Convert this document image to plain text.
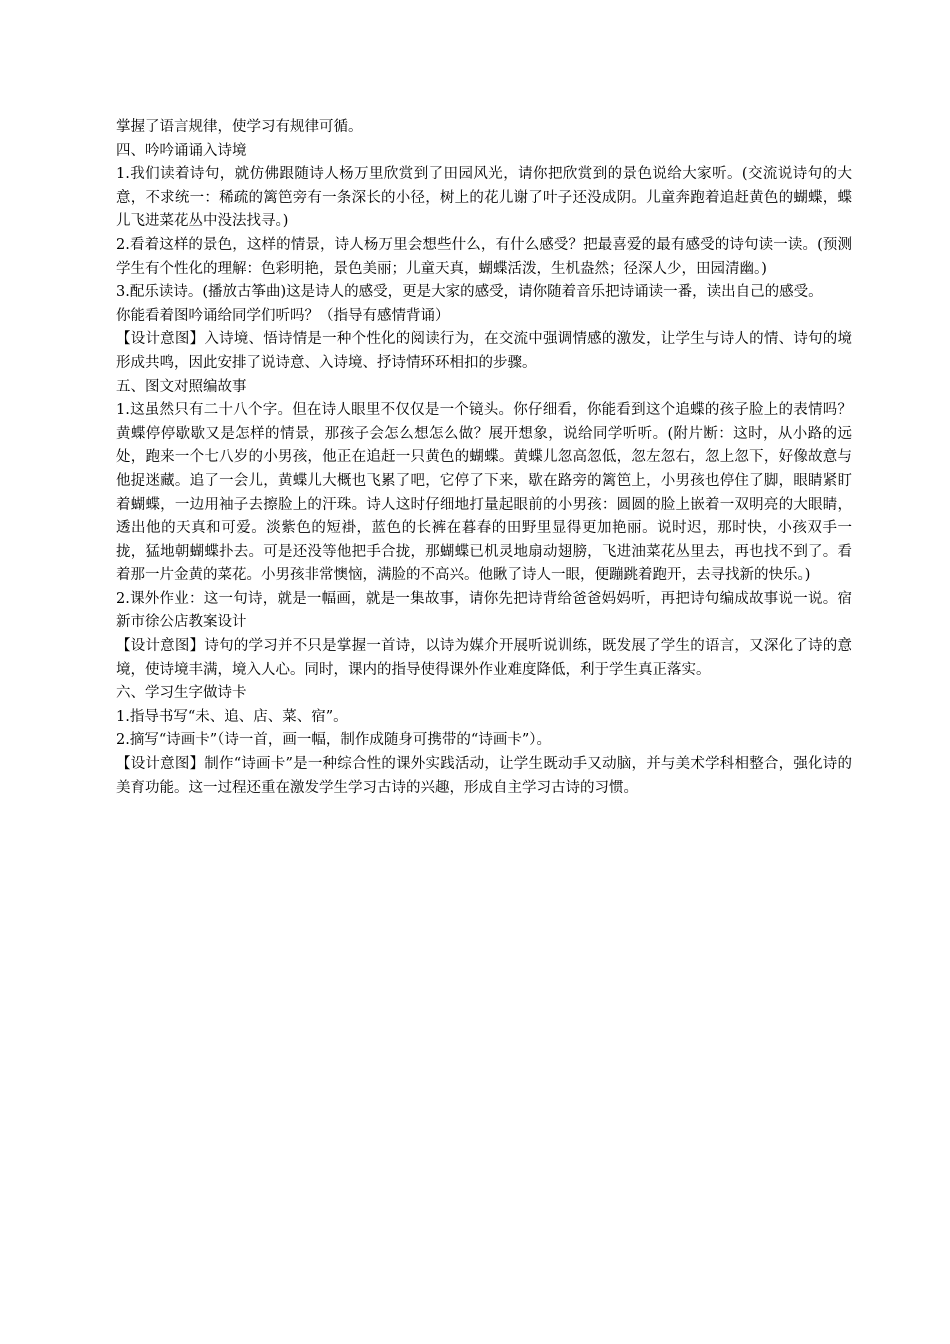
掌握了语言规律，使学习有规律可循。

四、吟吟诵诵入诗境

1.我们读着诗句，就仿佛跟随诗人杨万里欣赏到了田园风光，请你把欣赏到的景色说给大家听。(交流说诗句的大意，不求统一：稀疏的篱笆旁有一条深长的小径，树上的花儿谢了叶子还没成阴。儿童奔跑着追赶黄色的蝴蝶，蝶儿飞进菜花丛中没法找寻。)

2.看着这样的景色，这样的情景，诗人杨万里会想些什么，有什么感受？把最喜爱的最有感受的诗句读一读。(预测学生有个性化的理解：色彩明艳，景色美丽；儿童天真，蝴蝶活泼，生机盎然；径深人少，田园清幽。)

3.配乐读诗。(播放古筝曲)这是诗人的感受，更是大家的感受，请你随着音乐把诗诵读一番，读出自己的感受。

你能看着图吟诵给同学们听吗？（指导有感情背诵）

【设计意图】入诗境、悟诗情是一种个性化的阅读行为，在交流中强调情感的激发，让学生与诗人的情、诗句的境形成共鸣，因此安排了说诗意、入诗境、抒诗情环环相扣的步骤。

五、图文对照编故事

1.这虽然只有二十八个字。但在诗人眼里不仅仅是一个镜头。你仔细看，你能看到这个追蝶的孩子脸上的表情吗？黄蝶停停歇歇又是怎样的情景，那孩子会怎么想怎么做？展开想象，说给同学听听。(附片断：这时，从小路的远处，跑来一个七八岁的小男孩，他正在追赶一只黄色的蝴蝶。黄蝶儿忽高忽低，忽左忽右，忽上忽下，好像故意与他捉迷藏。追了一会儿，黄蝶儿大概也飞累了吧，它停了下来，歇在路旁的篱笆上，小男孩也停住了脚，眼睛紧盯着蝴蝶，一边用袖子去擦脸上的汗珠。诗人这时仔细地打量起眼前的小男孩：圆圆的脸上嵌着一双明亮的大眼睛，透出他的天真和可爱。淡紫色的短褂，蓝色的长裤在暮春的田野里显得更加艳丽。说时迟，那时快，小孩双手一拢，猛地朝蝴蝶扑去。可是还没等他把手合拢，那蝴蝶已机灵地扇动翅膀，飞进油菜花丛里去，再也找不到了。看着那一片金黄的菜花。小男孩非常懊恼，满脸的不高兴。他瞅了诗人一眼，便蹦跳着跑开，去寻找新的快乐。)

2.课外作业：这一句诗，就是一幅画，就是一集故事，请你先把诗背给爸爸妈妈听，再把诗句编成故事说一说。宿新市徐公店教案设计

【设计意图】诗句的学习并不只是掌握一首诗，以诗为媒介开展听说训练，既发展了学生的语言，又深化了诗的意境，使诗境丰满，境入人心。同时，课内的指导使得课外作业难度降低，利于学生真正落实。

六、学习生字做诗卡

1.指导书写“未、追、店、菜、宿”。

2.摘写“诗画卡”（诗一首，画一幅，制作成随身可携带的“诗画卡”）。

【设计意图】制作“诗画卡”是一种综合性的课外实践活动，让学生既动手又动脑，并与美术学科相整合，强化诗的美育功能。这一过程还重在激发学生学习古诗的兴趣，形成自主学习古诗的习惯。
